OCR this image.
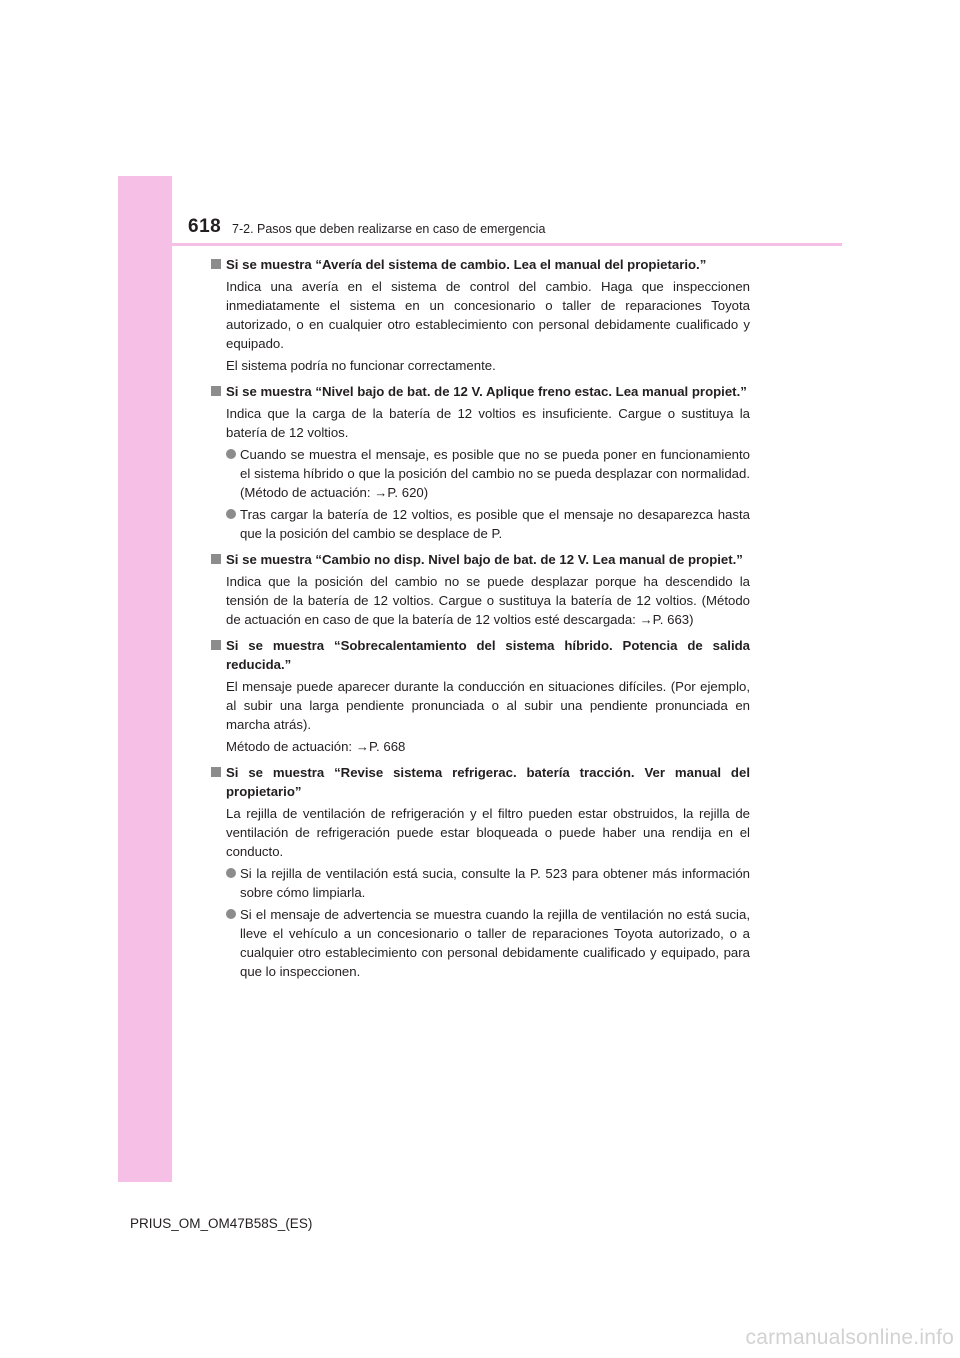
618 7-2. Pasos que deben realizarse en caso de emergencia
Si se muestra “Avería del sistema de cambio. Lea el manual del propietario.”
Indica una avería en el sistema de control del cambio. Haga que inspeccionen inmediatamente el sistema en un concesionario o taller de reparaciones Toyota autorizado, o en cualquier otro establecimiento con personal debidamente cualificado y equipado.
El sistema podría no funcionar correctamente.
Si se muestra “Nivel bajo de bat. de 12 V. Aplique freno estac. Lea manual propiet.”
Indica que la carga de la batería de 12 voltios es insuficiente. Cargue o sustituya la batería de 12 voltios.
Cuando se muestra el mensaje, es posible que no se pueda poner en funcionamiento el sistema híbrido o que la posición del cambio no se pueda desplazar con normalidad. (Método de actuación: →P. 620)
Tras cargar la batería de 12 voltios, es posible que el mensaje no desaparezca hasta que la posición del cambio se desplace de P.
Si se muestra “Cambio no disp. Nivel bajo de bat. de 12 V. Lea manual de propiet.”
Indica que la posición del cambio no se puede desplazar porque ha descendido la tensión de la batería de 12 voltios. Cargue o sustituya la batería de 12 voltios. (Método de actuación en caso de que la batería de 12 voltios esté descargada: →P. 663)
Si se muestra “Sobrecalentamiento del sistema híbrido. Potencia de salida reducida.”
El mensaje puede aparecer durante la conducción en situaciones difíciles. (Por ejemplo, al subir una larga pendiente pronunciada o al subir una pendiente pronunciada en marcha atrás).
Método de actuación: →P. 668
Si se muestra “Revise sistema refrigerac. batería tracción. Ver manual del propietario”
La rejilla de ventilación de refrigeración y el filtro pueden estar obstruidos, la rejilla de ventilación de refrigeración puede estar bloqueada o puede haber una rendija en el conducto.
Si la rejilla de ventilación está sucia, consulte la P. 523 para obtener más información sobre cómo limpiarla.
Si el mensaje de advertencia se muestra cuando la rejilla de ventilación no está sucia, lleve el vehículo a un concesionario o taller de reparaciones Toyota autorizado, o a cualquier otro establecimiento con personal debidamente cualificado y equipado, para que lo inspeccionen.
PRIUS_OM_OM47B58S_(ES)
carmanualsonline.info
